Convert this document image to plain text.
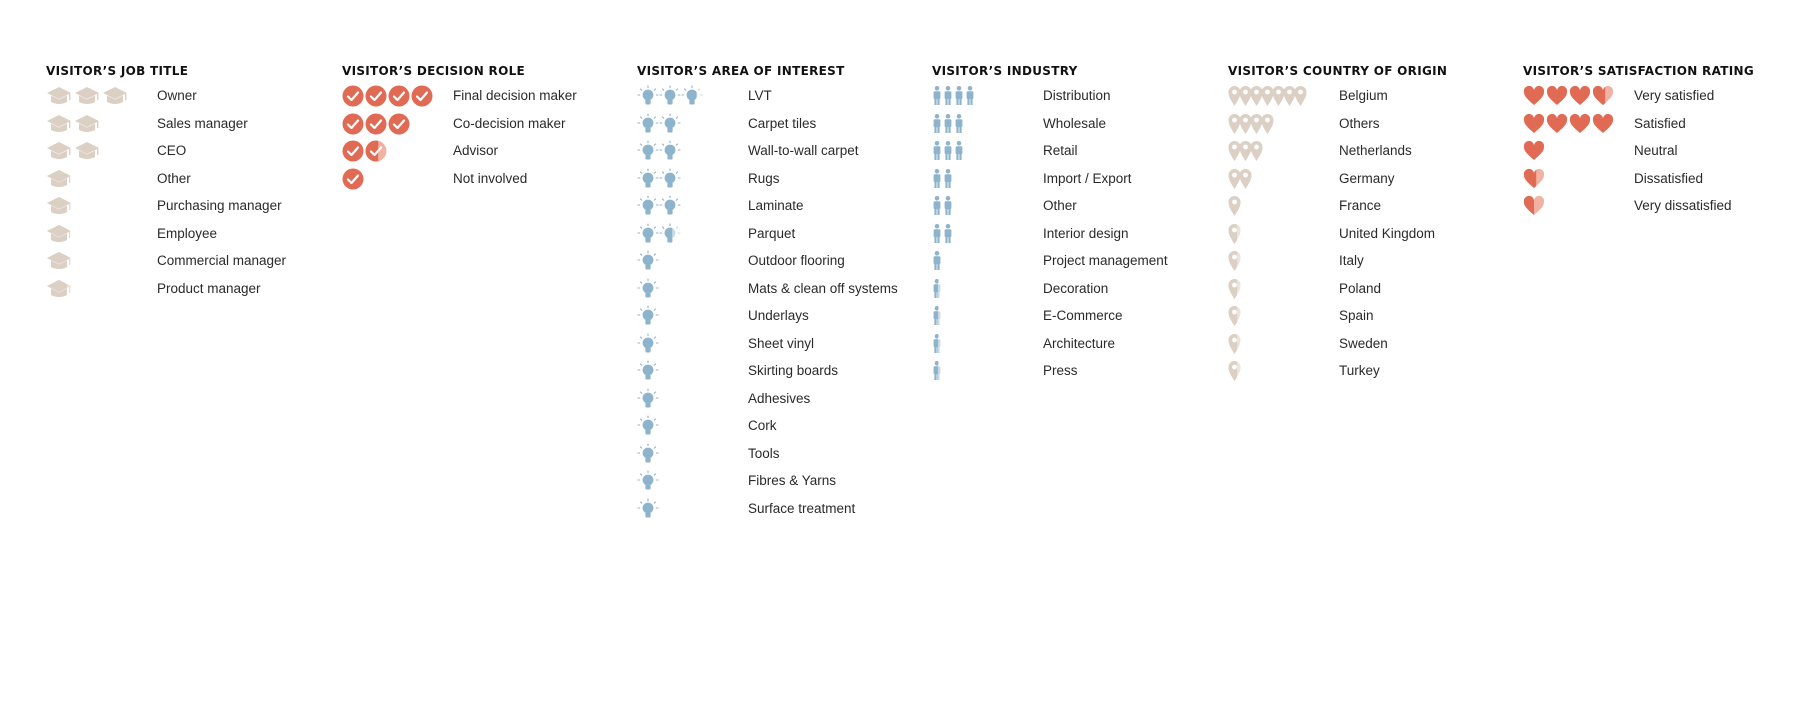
VISITOR’S JOB TITLE
Owner
Sales manager
CEO
Other
Purchasing manager
Employee
Commercial manager
Product manager
VISITOR’S DECISION ROLE
Final decision maker
Co-decision maker
Advisor
Not involved
VISITOR’S AREA OF INTEREST
LVT
Carpet tiles
Wall-to-wall carpet
Rugs
Laminate
Parquet
Outdoor flooring
Mats & clean off systems
Underlays
Sheet vinyl
Skirting boards
Adhesives
Cork
Tools
Fibres & Yarns
Surface treatment
VISITOR’S INDUSTRY
Distribution
Wholesale
Retail
Import / Export
Other
Interior design
Project management
Decoration
E-Commerce
Architecture
Press
VISITOR’S COUNTRY OF ORIGIN
Belgium
Others
Netherlands
Germany
France
United Kingdom
Italy
Poland
Spain
Sweden
Turkey
VISITOR’S SATISFACTION RATING
Very satisfied
Satisfied
Neutral
Dissatisfied
Very dissatisfied
